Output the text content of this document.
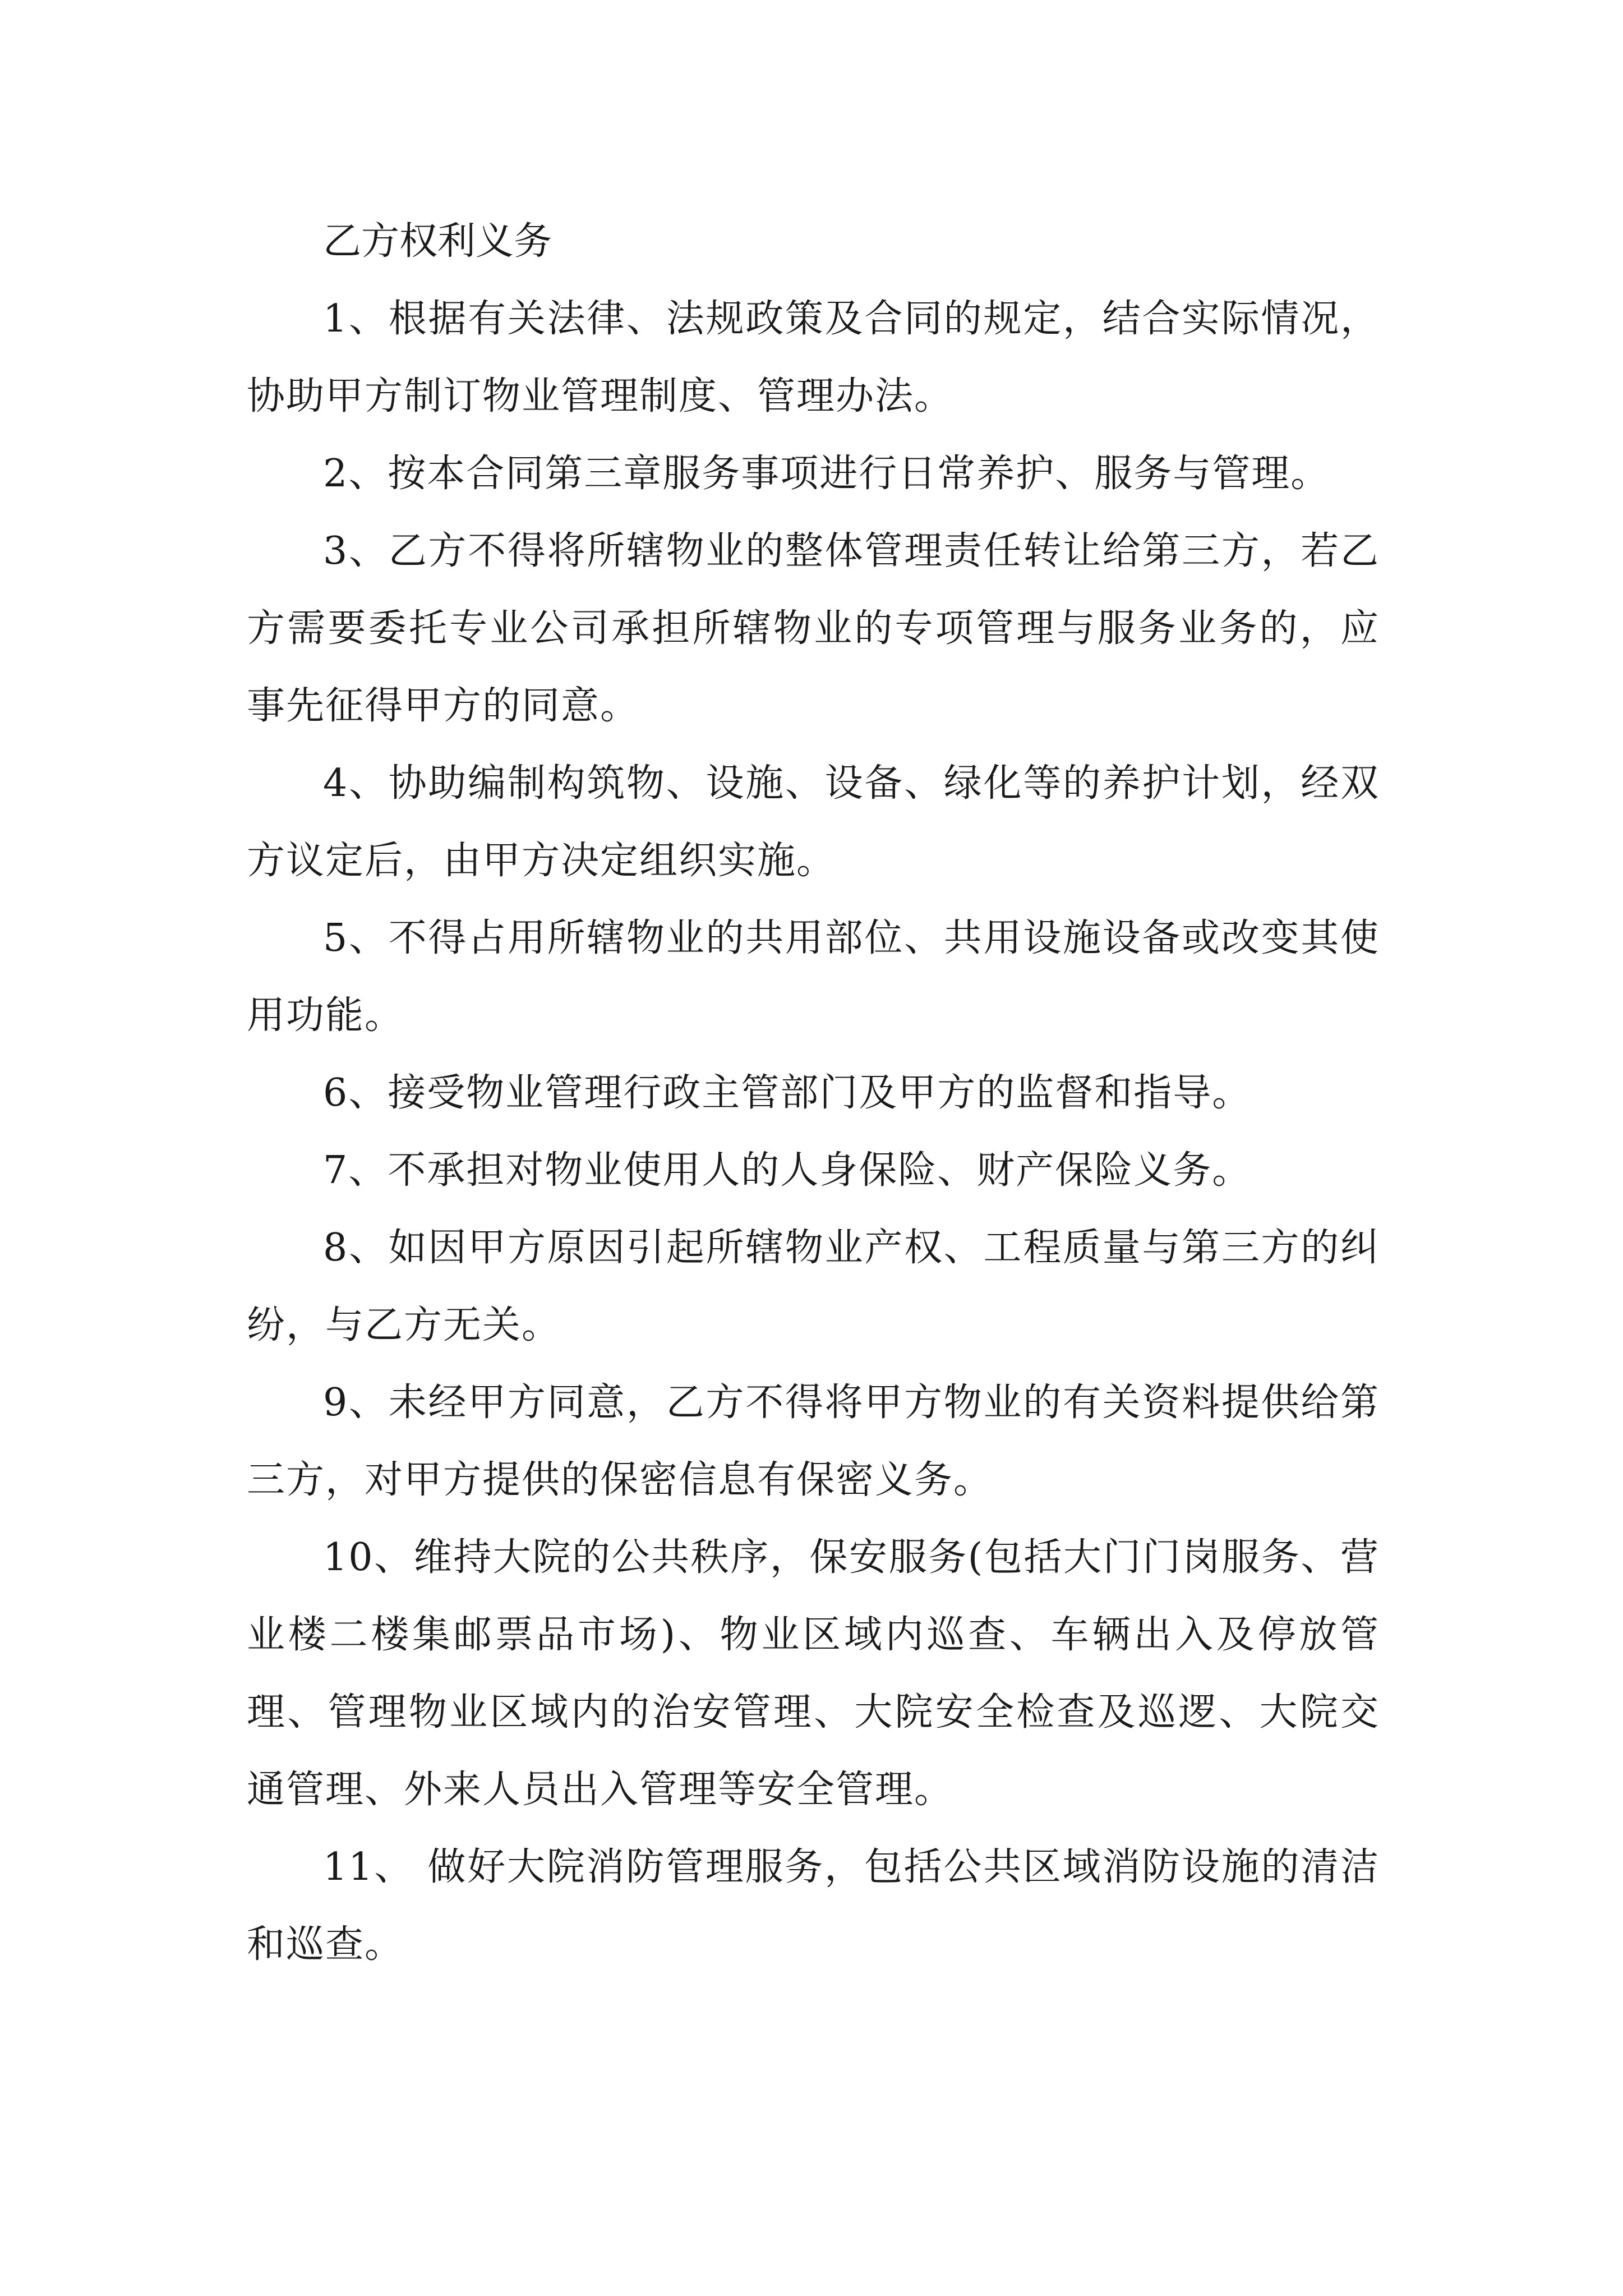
乙方权利义务

1、根据有关法律、法规政策及合同的规定，结合实际情况，协助甲方制订物业管理制度、管理办法。

2、按本合同第三章服务事项进行日常养护、服务与管理。

3、乙方不得将所辖物业的整体管理责任转让给第三方，若乙方需要委托专业公司承担所辖物业的专项管理与服务业务的，应事先征得甲方的同意。

4、协助编制构筑物、设施、设备、绿化等的养护计划，经双方议定后，由甲方决定组织实施。

5、不得占用所辖物业的共用部位、共用设施设备或改变其使用功能。

6、接受物业管理行政主管部门及甲方的监督和指导。

7、不承担对物业使用人的人身保险、财产保险义务。

8、如因甲方原因引起所辖物业产权、工程质量与第三方的纠纷，与乙方无关。

9、未经甲方同意，乙方不得将甲方物业的有关资料提供给第三方，对甲方提供的保密信息有保密义务。

10、维持大院的公共秩序，保安服务(包括大门门岗服务、营业楼二楼集邮票品市场)、物业区域内巡查、车辆出入及停放管理、管理物业区域内的治安管理、大院安全检查及巡逻、大院交通管理、外来人员出入管理等安全管理。

11、 做好大院消防管理服务，包括公共区域消防设施的清洁和巡查。
